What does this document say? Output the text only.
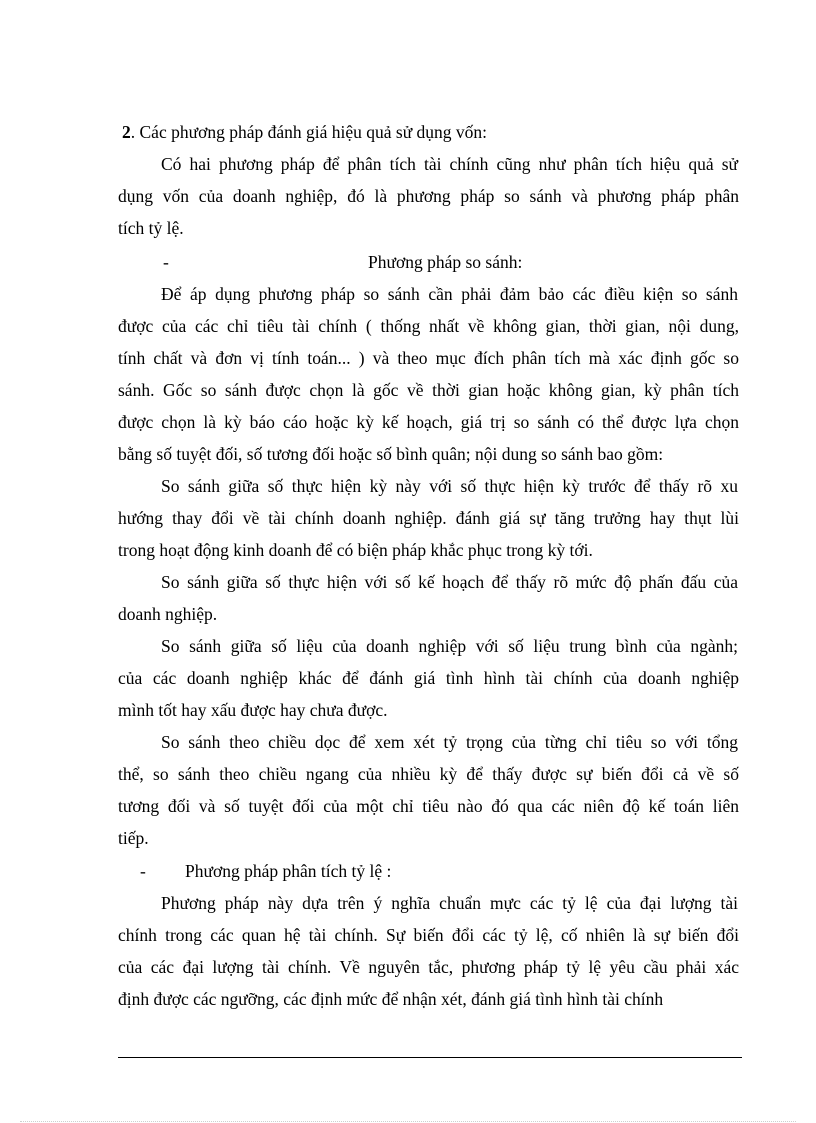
2. Các phương pháp đánh giá hiệu quả sử dụng vốn:
Có hai phương pháp để phân tích tài chính cũng như phân tích hiệu quả sử
dụng vốn của doanh nghiệp, đó là phương pháp so sánh và phương pháp phân
tích tỷ lệ.
-	Phương pháp so sánh:
Để áp dụng phương pháp so sánh cần phải đảm bảo các điều kiện so sánh
được của các chỉ tiêu tài chính ( thống nhất về không gian, thời gian, nội dung,
tính chất và đơn vị tính toán... ) và theo mục đích phân tích mà xác định gốc so
sánh. Gốc so sánh được chọn là gốc về thời gian hoặc không gian, kỳ phân tích
được chọn là kỳ báo cáo hoặc kỳ kế hoạch, giá trị so sánh có thể được lựa chọn
bằng số tuyệt đối, số tương đối hoặc số bình quân; nội dung so sánh bao gồm:
So sánh giữa số thực hiện kỳ này với số thực hiện kỳ trước để thấy rõ xu
hướng thay đổi về tài chính doanh nghiệp. đánh giá sự tăng trưởng hay thụt lùi
trong hoạt động kinh doanh để có biện pháp khắc phục trong kỳ tới.
So sánh giữa số thực hiện với số kế hoạch để thấy rõ mức độ phấn đấu của
doanh nghiệp.
So sánh giữa số liệu của doanh nghiệp với số liệu trung bình của ngành;
của các doanh nghiệp khác để đánh giá tình hình tài chính của doanh nghiệp
mình tốt hay xấu được hay chưa được.
So sánh theo chiều dọc để xem xét tỷ trọng của từng chỉ tiêu so với tổng
thể, so sánh theo chiều ngang của nhiều kỳ để thấy được sự biến đổi cả về số
tương đối và số tuyệt đối của một chỉ tiêu nào đó qua các niên độ kế toán liên
tiếp.
- Phương pháp phân tích tỷ lệ :
Phương pháp này dựa trên ý nghĩa chuẩn mực các tỷ lệ của đại lượng tài
chính trong các quan hệ tài chính. Sự biến đổi các tỷ lệ, cố nhiên là sự biến đổi
của các đại lượng tài chính. Về nguyên tắc, phương pháp tỷ lệ yêu cầu phải xác
định được các ngưỡng, các định mức để nhận xét, đánh giá tình hình tài chính
